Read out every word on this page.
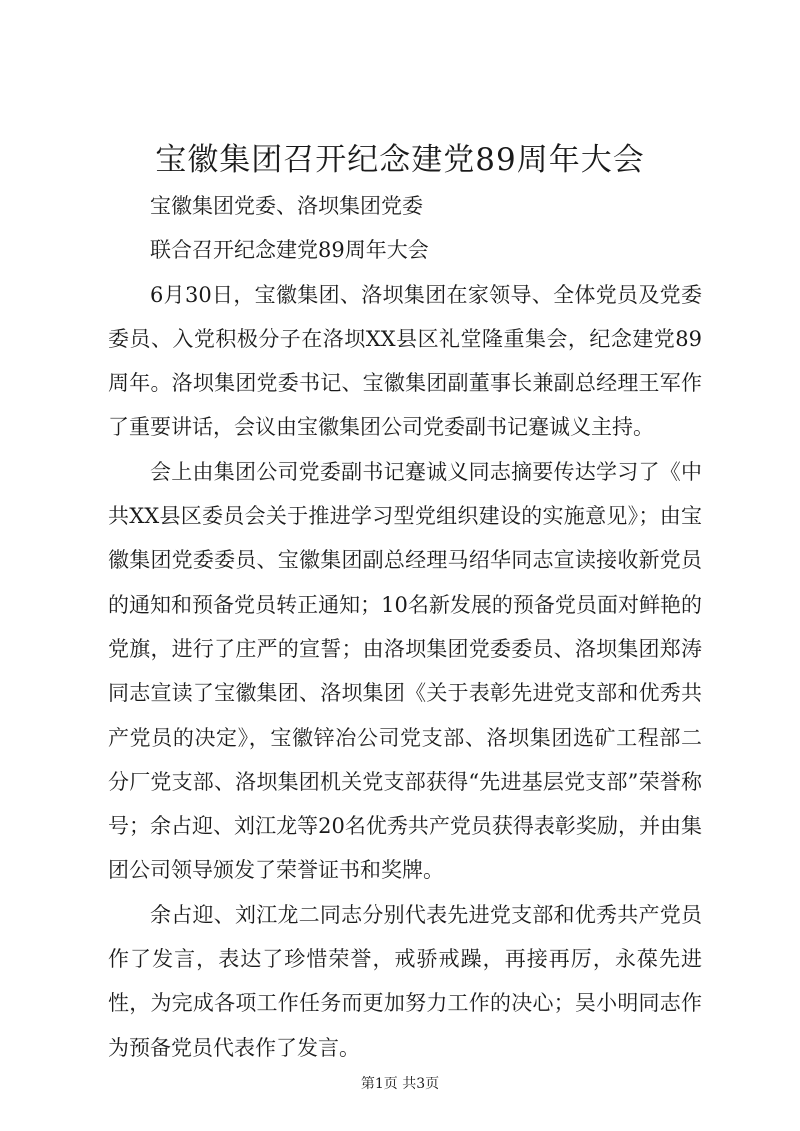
宝徽集团召开纪念建党89周年大会

宝徽集团党委、洛坝集团党委

联合召开纪念建党89周年大会

6月30日，宝徽集团、洛坝集团在家领导、全体党员及党委委员、入党积极分子在洛坝XX县区礼堂隆重集会，纪念建党89周年。洛坝集团党委书记、宝徽集团副董事长兼副总经理王军作了重要讲话，会议由宝徽集团公司党委副书记蹇诚义主持。

会上由集团公司党委副书记蹇诚义同志摘要传达学习了《中共XX县区委员会关于推进学习型党组织建设的实施意见》；由宝徽集团党委委员、宝徽集团副总经理马绍华同志宣读接收新党员的通知和预备党员转正通知；10名新发展的预备党员面对鲜艳的党旗，进行了庄严的宣誓；由洛坝集团党委委员、洛坝集团郑涛同志宣读了宝徽集团、洛坝集团《关于表彰先进党支部和优秀共产党员的决定》，宝徽锌冶公司党支部、洛坝集团选矿工程部二分厂党支部、洛坝集团机关党支部获得“先进基层党支部”荣誉称号；余占迎、刘江龙等20名优秀共产党员获得表彰奖励，并由集团公司领导颁发了荣誉证书和奖牌。

余占迎、刘江龙二同志分别代表先进党支部和优秀共产党员作了发言，表达了珍惜荣誉，戒骄戒躁，再接再厉，永葆先进性，为完成各项工作任务而更加努力工作的决心；吴小明同志作为预备党员代表作了发言。

第1页 共3页
